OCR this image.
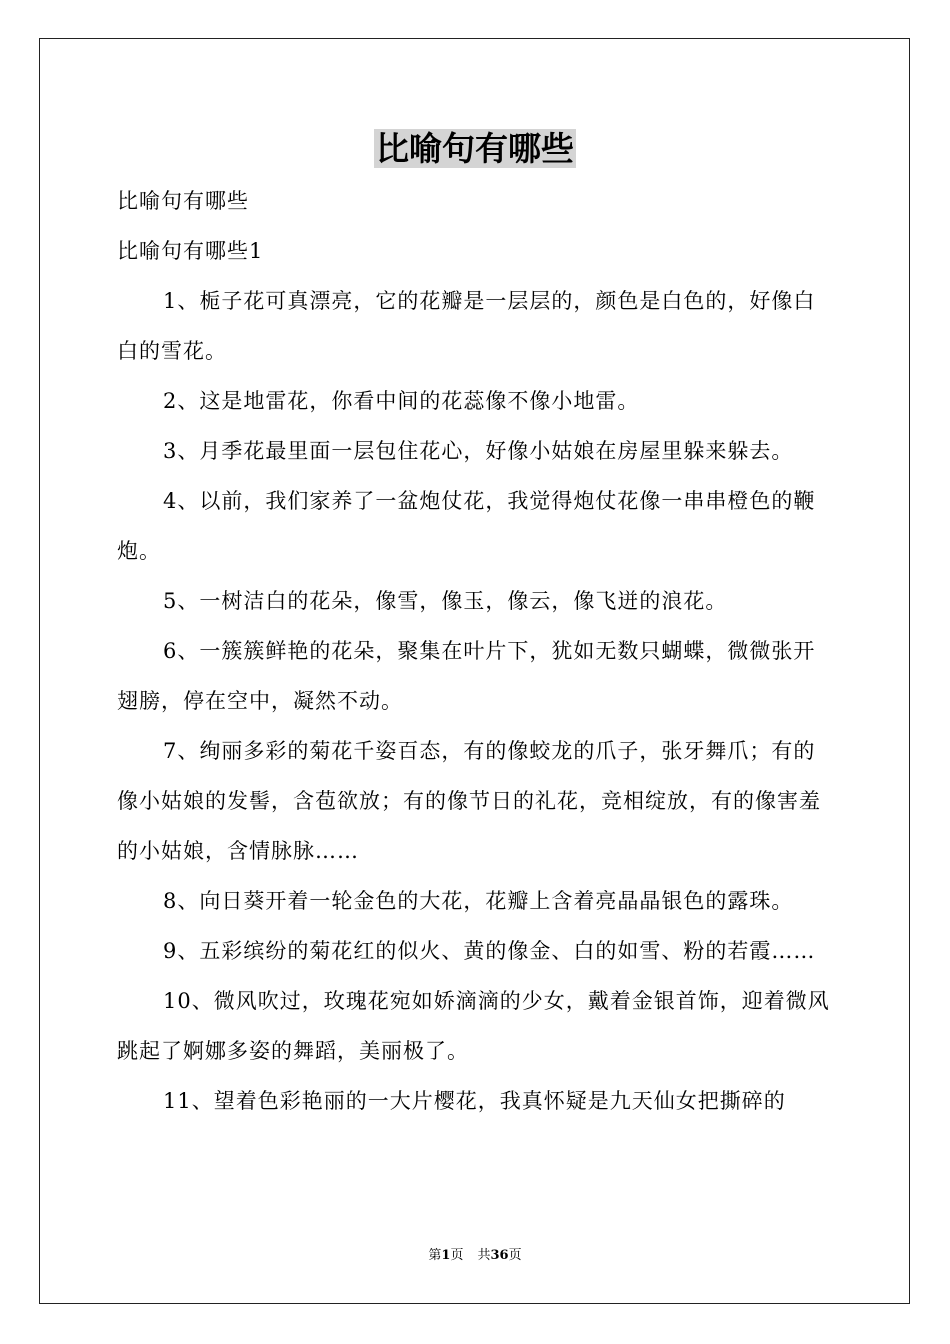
比喻句有哪些

比喻句有哪些

比喻句有哪些1

1、栀子花可真漂亮，它的花瓣是一层层的，颜色是白色的，好像白白的雪花。

2、这是地雷花，你看中间的花蕊像不像小地雷。

3、月季花最里面一层包住花心，好像小姑娘在房屋里躲来躲去。

4、以前，我们家养了一盆炮仗花，我觉得炮仗花像一串串橙色的鞭炮。

5、一树洁白的花朵，像雪，像玉，像云，像飞迸的浪花。

6、一簇簇鲜艳的花朵，聚集在叶片下，犹如无数只蝴蝶，微微张开翅膀，停在空中，凝然不动。

7、绚丽多彩的菊花千姿百态，有的像蛟龙的爪子，张牙舞爪；有的像小姑娘的发髻，含苞欲放；有的像节日的礼花，竞相绽放，有的像害羞的小姑娘，含情脉脉……

8、向日葵开着一轮金色的大花，花瓣上含着亮晶晶银色的露珠。

9、五彩缤纷的菊花红的似火、黄的像金、白的如雪、粉的若霞……

10、微风吹过，玫瑰花宛如娇滴滴的少女，戴着金银首饰，迎着微风跳起了婀娜多姿的舞蹈，美丽极了。

11、望着色彩艳丽的一大片樱花，我真怀疑是九天仙女把撕碎的

第1页 共36页
